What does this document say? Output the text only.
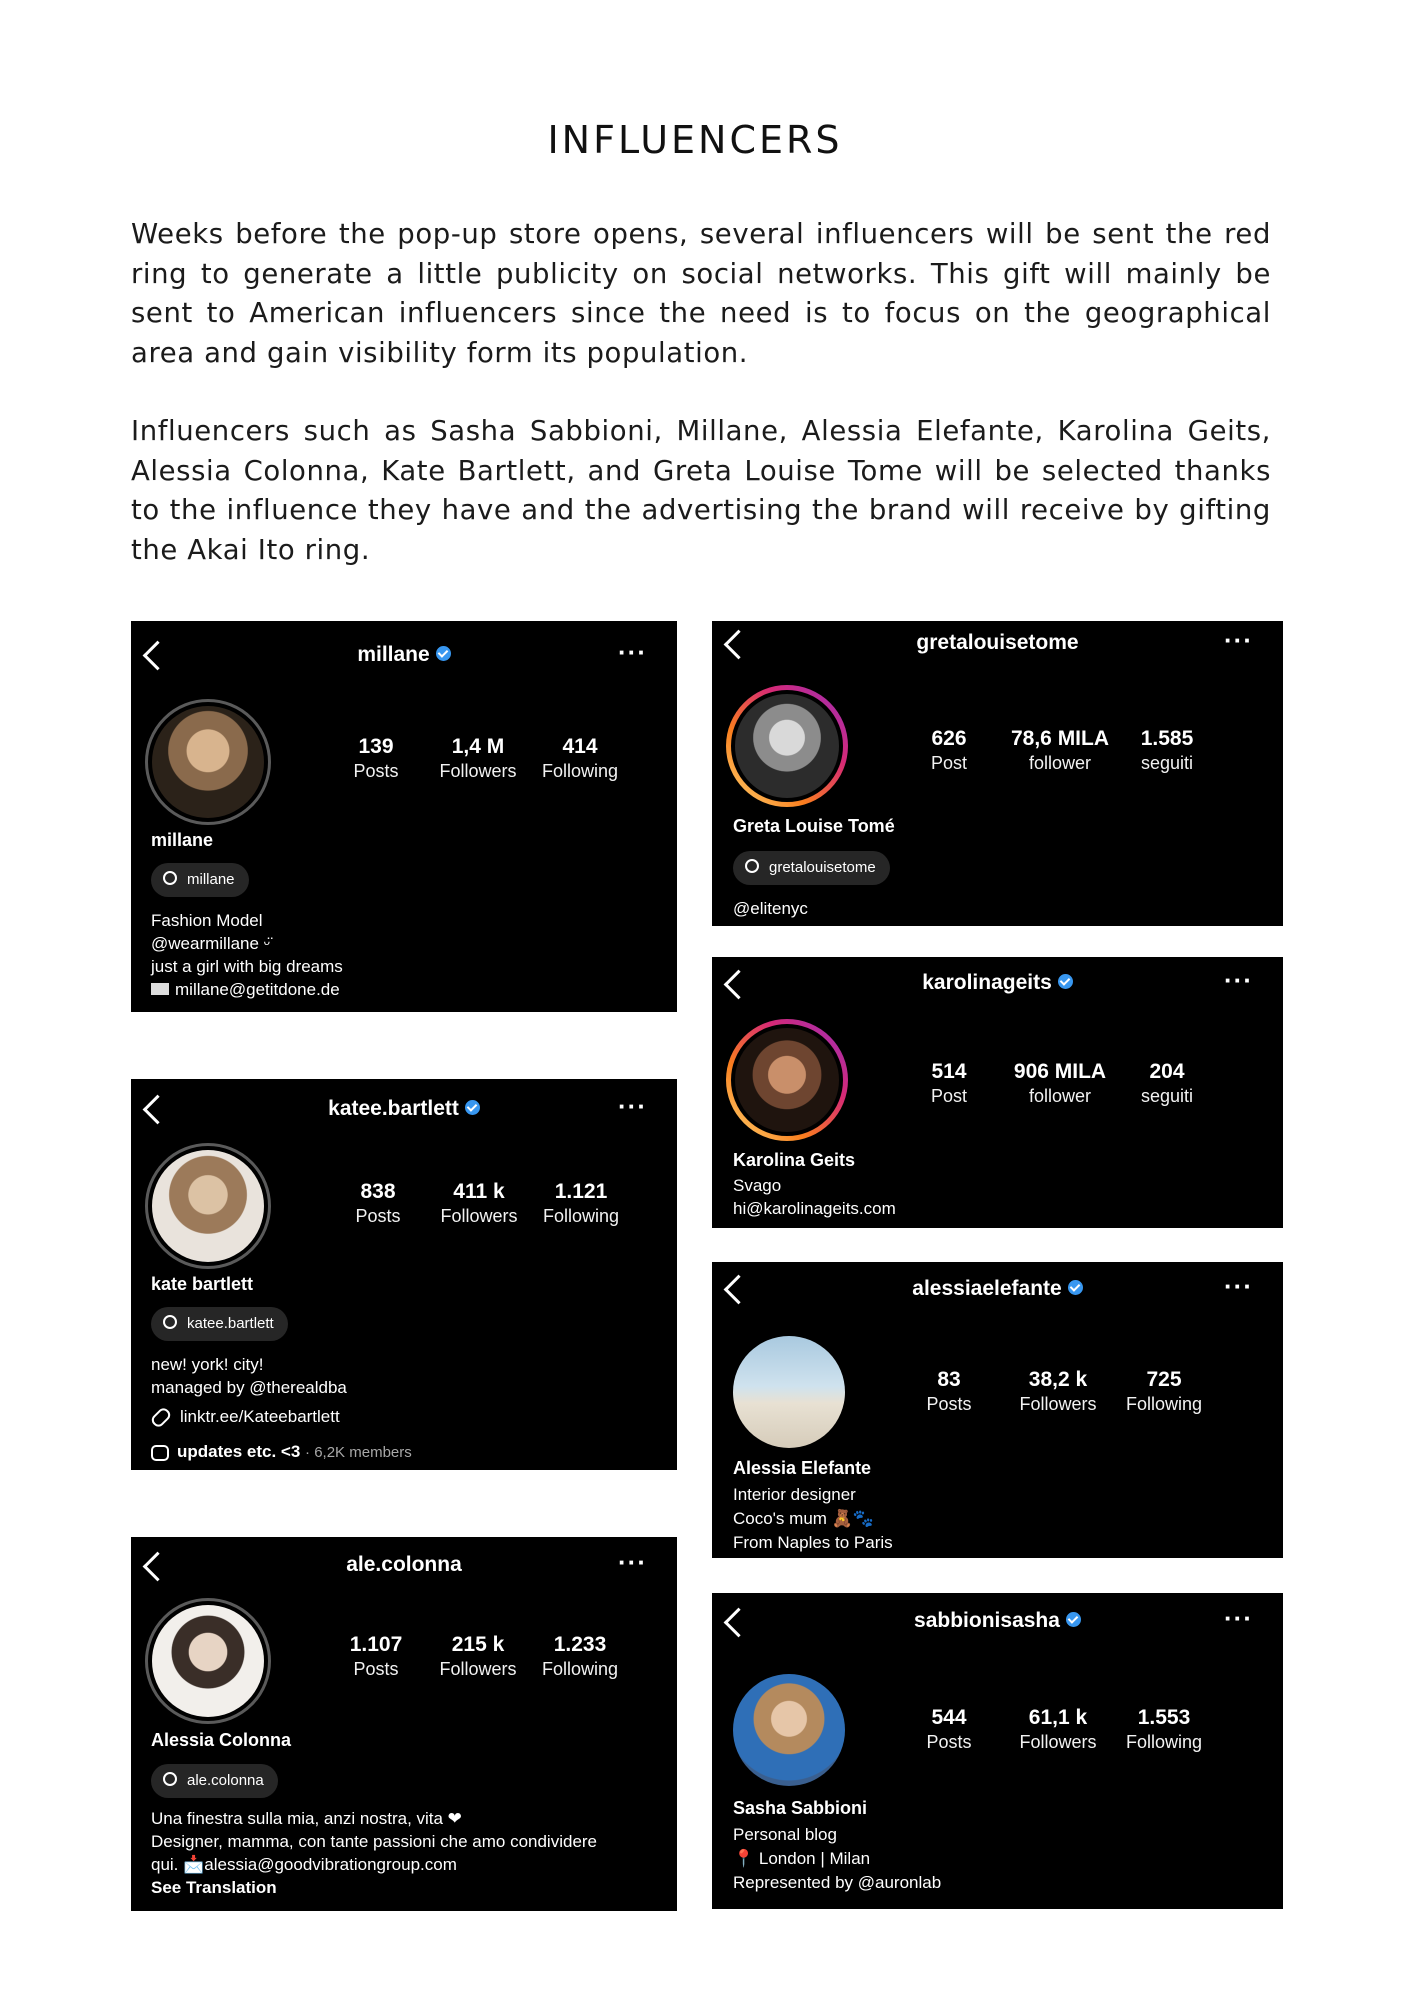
INFLUENCERS

Weeks before the pop-up store opens, several influencers will be sent the red ring to generate a little publicity on social networks. This gift will mainly be sent to American influencers since the need is to focus on the geographical area and gain visibility form its population.

Influencers such as Sasha Sabbioni, Millane, Alessia Elefante, Karolina Geits, Alessia Colonna, Kate Bartlett, and Greta Louise Tome will be selected thanks to the influence they have and the advertising the brand will receive by gifting the Akai Ito ring.

millane	···
139
Posts
1,4 M
Followers
414
Following
millane
millane
Fashion Model
@wearmillane ᵕ̈
just a girl with big dreams
millane@getitdone.de
gretalouisetome	···
626
Post
78,6 MILA
follower
1.585
seguiti
Greta Louise Tomé
gretalouisetome
@elitenyc
karolinageits	···
514
Post
906 MILA
follower
204
seguiti
Karolina Geits
Svago
hi@karolinageits.com
katee.bartlett	···
838
Posts
411 k
Followers
1.121
Following
kate bartlett
katee.bartlett
new! york! city!
managed by @therealdba
linktr.ee/Kateebartlett
updates etc. <3 · 6,2K members
alessiaelefante	···
83
Posts
38,2 k
Followers
725
Following
Alessia Elefante
Interior designer
Coco's mum 🧸🐾
From Naples to Paris
ale.colonna	···
1.107
Posts
215 k
Followers
1.233
Following
Alessia Colonna
ale.colonna
Una finestra sulla mia, anzi nostra, vita ❤
Designer, mamma, con tante passioni che amo condividere
qui. 📩alessia@goodvibrationgroup.com
See Translation
sabbionisasha	···
544
Posts
61,1 k
Followers
1.553
Following
Sasha Sabbioni
Personal blog
📍 London | Milan
Represented by @auronlab
